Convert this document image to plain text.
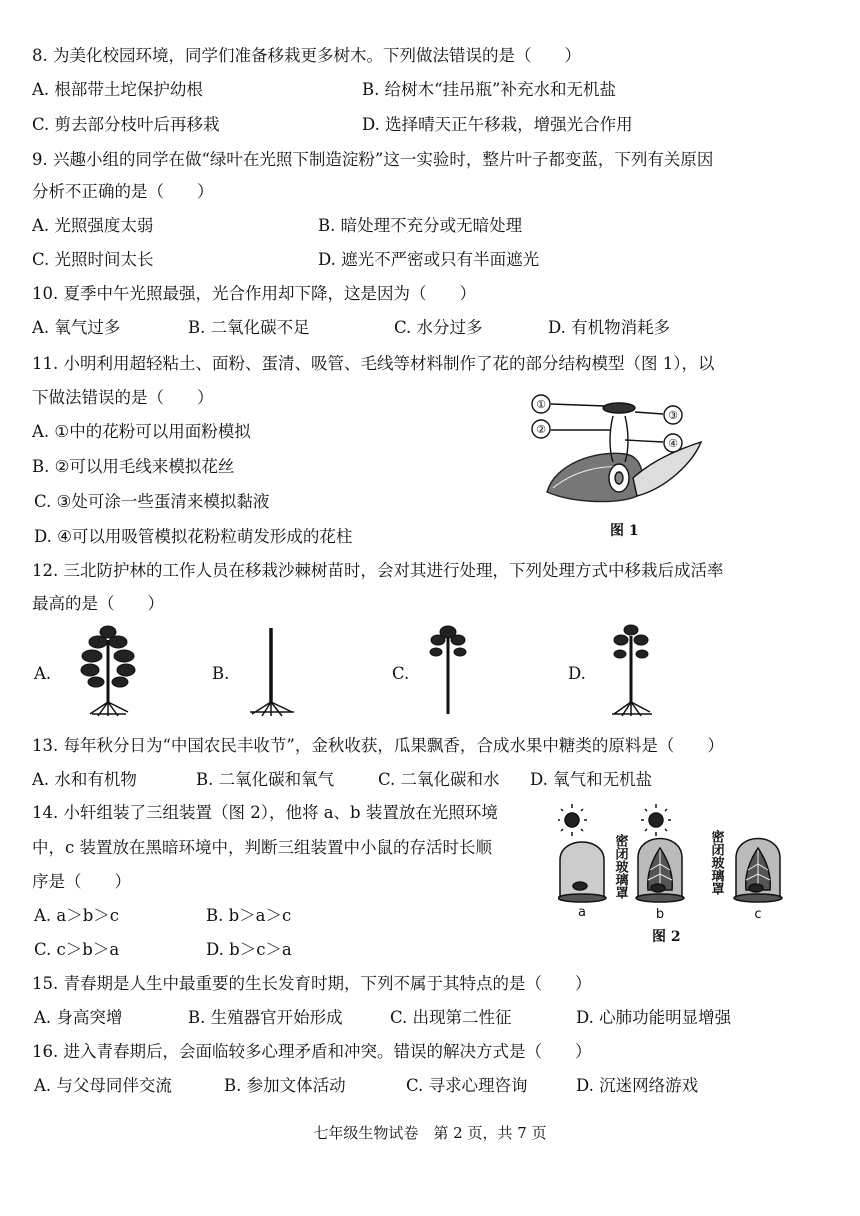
8. 为美化校园环境，同学们准备移栽更多树木。下列做法错误的是（　　）
A. 根部带土坨保护幼根	B. 给树木“挂吊瓶”补充水和无机盐
C. 剪去部分枝叶后再移栽	D. 选择晴天正午移栽，增强光合作用
9. 兴趣小组的同学在做“绿叶在光照下制造淀粉”这一实验时，整片叶子都变蓝，下列有关原因
分析不正确的是（　　）
A. 光照强度太弱	B. 暗处理不充分或无暗处理
C. 光照时间太长	D. 遮光不严密或只有半面遮光
10. 夏季中午光照最强，光合作用却下降，这是因为（　　）
A. 氧气过多	B. 二氧化碳不足	C. 水分过多	D. 有机物消耗多
11. 小明利用超轻粘土、面粉、蛋清、吸管、毛线等材料制作了花的部分结构模型（图 1），以
下做法错误的是（　　）
A. ①中的花粉可以用面粉模拟
B. ②可以用毛线来模拟花丝
C. ③处可涂一些蛋清来模拟黏液
D. ④可以用吸管模拟花粉粒萌发形成的花柱
①
②
③
④
图 1
12. 三北防护林的工作人员在移栽沙棘树苗时，会对其进行处理，下列处理方式中移栽后成活率
最高的是（　　）
A.	B.	C.	D.
13. 每年秋分日为“中国农民丰收节”，金秋收获，瓜果飘香，合成水果中糖类的原料是（　　）
A. 水和有机物	B. 二氧化碳和氧气	C. 二氧化碳和水 D. 氧气和无机盐
14. 小轩组装了三组装置（图 2），他将 a、b 装置放在光照环境
中，c 装置放在黑暗环境中，判断三组装置中小鼠的存活时长顺
序是（　　）
A. a＞b＞c	B. b＞a＞c
C. c＞b＞a	D. b＞c＞a
a	b	c
密闭玻璃罩	密闭玻璃罩
图 2
15. 青春期是人生中最重要的生长发育时期，下列不属于其特点的是（　　）
A. 身高突增	B. 生殖器官开始形成	C. 出现第二性征	D. 心肺功能明显增强
16. 进入青春期后，会面临较多心理矛盾和冲突。错误的解决方式是（　　）
A. 与父母同伴交流	B. 参加文体活动	C. 寻求心理咨询	D. 沉迷网络游戏
七年级生物试卷　第 2 页，共 7 页
